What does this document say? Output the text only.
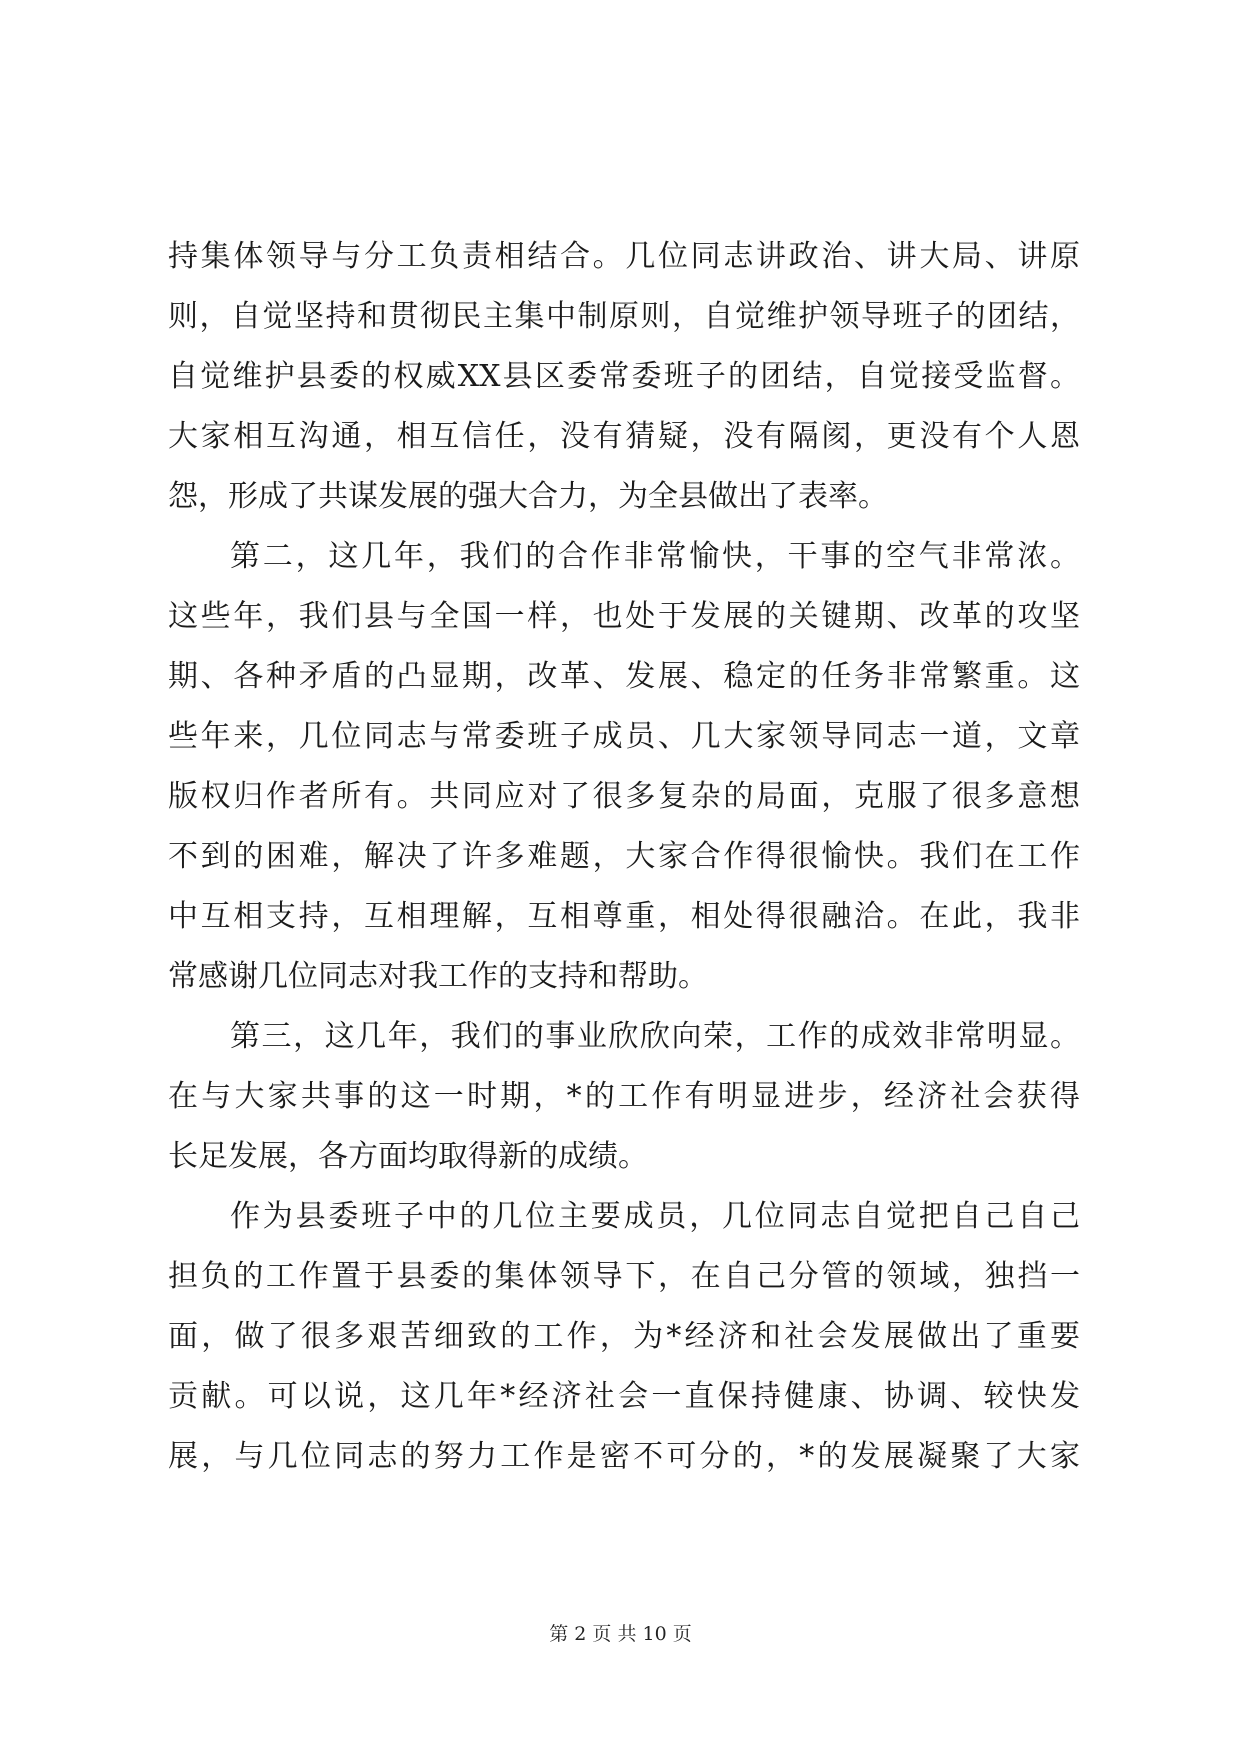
持集体领导与分工负责相结合。几位同志讲政治、讲大局、讲原
则，自觉坚持和贯彻民主集中制原则，自觉维护领导班子的团结，
自觉维护县委的权威XX县区委常委班子的团结，自觉接受监督。
大家相互沟通，相互信任，没有猜疑，没有隔阂，更没有个人恩
怨，形成了共谋发展的强大合力，为全县做出了表率。
第二，这几年，我们的合作非常愉快，干事的空气非常浓。
这些年，我们县与全国一样，也处于发展的关键期、改革的攻坚
期、各种矛盾的凸显期，改革、发展、稳定的任务非常繁重。这
些年来，几位同志与常委班子成员、几大家领导同志一道，文章
版权归作者所有。共同应对了很多复杂的局面，克服了很多意想
不到的困难，解决了许多难题，大家合作得很愉快。我们在工作
中互相支持，互相理解，互相尊重，相处得很融洽。在此，我非
常感谢几位同志对我工作的支持和帮助。
第三，这几年，我们的事业欣欣向荣，工作的成效非常明显。
在与大家共事的这一时期，*的工作有明显进步，经济社会获得
长足发展，各方面均取得新的成绩。
作为县委班子中的几位主要成员，几位同志自觉把自己自己
担负的工作置于县委的集体领导下，在自己分管的领域，独挡一
面，做了很多艰苦细致的工作，为*经济和社会发展做出了重要
贡献。可以说，这几年*经济社会一直保持健康、协调、较快发
展，与几位同志的努力工作是密不可分的，*的发展凝聚了大家
第 2 页 共 10 页
